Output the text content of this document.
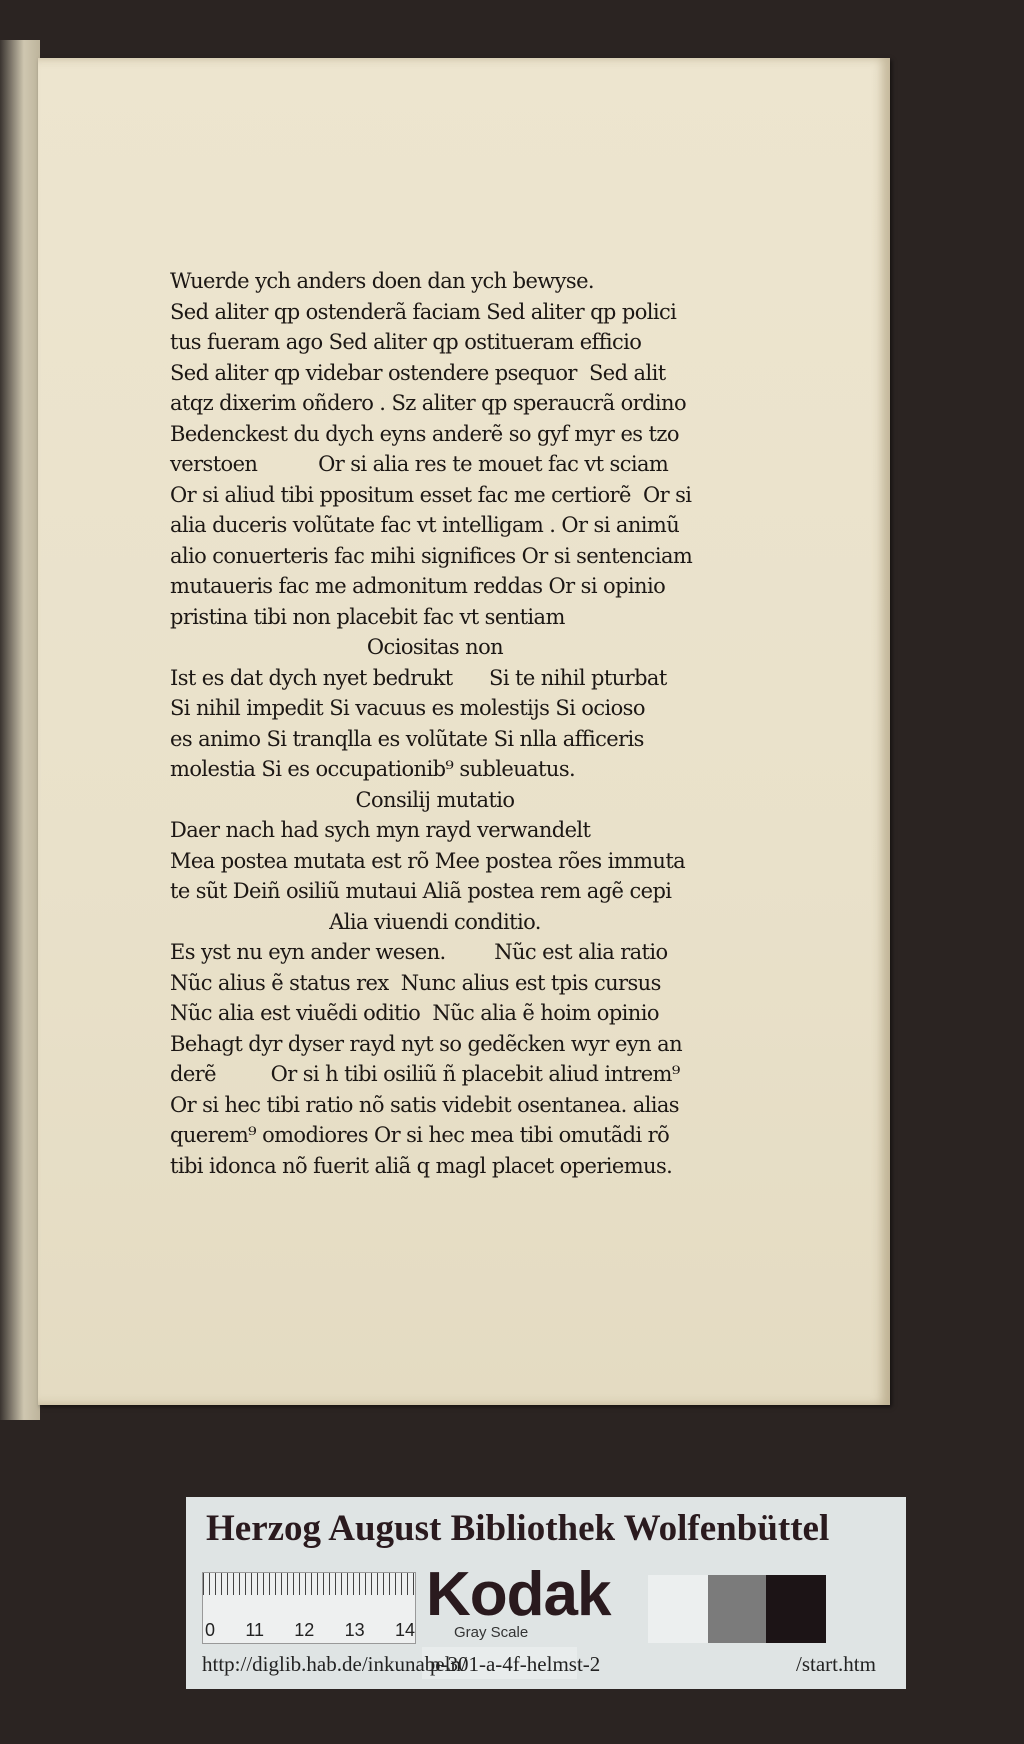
Wuerde ych anders doen dan ych bewyse.
Sed aliter qp ostenderã faciam Sed aliter qp polici
tus fueram ago Sed aliter qp ostitueram efficio
Sed aliter qp videbar ostendere psequor  Sed alit
atqz dixerim oñdero . Sz aliter qp speraucrã ordino
Bedenckest du dych eyns anderẽ so gyf myr es tzo
verstoen          Or si alia res te mouet fac vt sciam
Or si aliud tibi ppositum esset fac me certiorẽ  Or si
alia duceris volũtate fac vt intelligam . Or si animũ
alio conuerteris fac mihi significes Or si sentenciam
mutaueris fac me admonitum reddas Or si opinio
pristina tibi non placebit fac vt sentiam
Ociositas non
Ist es dat dych nyet bedrukt      Si te nihil pturbat
Si nihil impedit Si vacuus es molestijs Si ocioso
es animo Si tranqlla es volũtate Si nlla afficeris
molestia Si es occupationib⁹ subleuatus.
Consilij mutatio
Daer nach had sych myn rayd verwandelt
Mea postea mutata est rõ Mee postea rões immuta
te sũt Deiñ osiliũ mutaui Aliã postea rem agẽ cepi
Alia viuendi conditio.
Es yst nu eyn ander wesen.        Nũc est alia ratio
Nũc alius ẽ status rex  Nunc alius est tpis cursus
Nũc alia est viuẽdi oditio  Nũc alia ẽ hoim opinio
Behagt dyr dyser rayd nyt so gedẽcken wyr eyn an
derẽ         Or si h tibi osiliũ ñ placebit aliud intrem⁹
Or si hec tibi ratio nõ satis videbit osentanea. alias
querem⁹ omodiores Or si hec mea tibi omutãdi rõ
tibi idonca nõ fuerit aliã q magl placet operiemus.
Herzog August Bibliothek Wolfenbüttel
0 11 12 13 14
Kodak
Gray Scale
http://diglib.hab.de/inkunabeln/
p-301-a-4f-helmst-2	/start.htm
